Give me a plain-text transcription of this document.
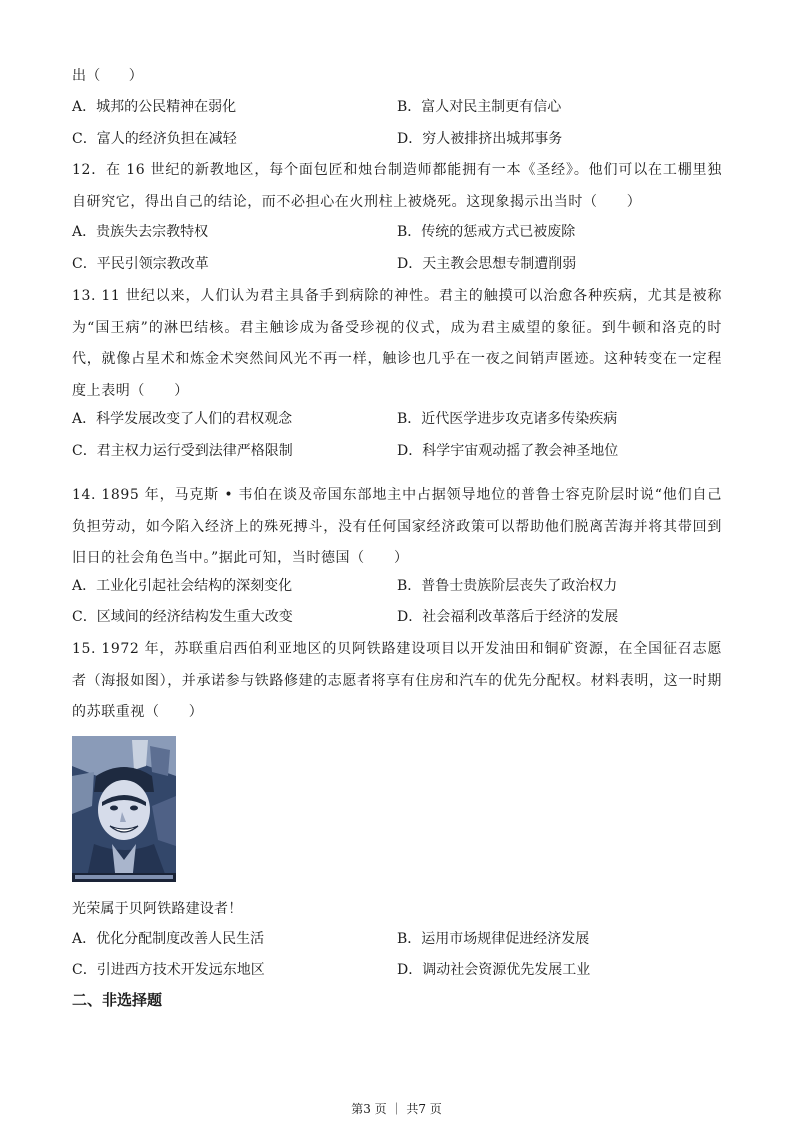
出（　　）
A．城邦的公民精神在弱化	B．富人对民主制更有信心
C．富人的经济负担在减轻	D．穷人被排挤出城邦事务
12．在 16 世纪的新教地区，每个面包匠和烛台制造师都能拥有一本《圣经》。他们可以在工棚里独自研究它，得出自己的结论，而不必担心在火刑柱上被烧死。这现象揭示出当时（　　）
A．贵族失去宗教特权	B．传统的惩戒方式已被废除
C．平民引领宗教改革	D．天主教会思想专制遭削弱
13. 11 世纪以来，人们认为君主具备手到病除的神性。君主的触摸可以治愈各种疾病，尤其是被称为“国王病”的淋巴结核。君主触诊成为备受珍视的仪式，成为君主威望的象征。到牛顿和洛克的时代，就像占星术和炼金术突然间风光不再一样，触诊也几乎在一夜之间销声匿迹。这种转变在一定程度上表明（　　）
A．科学发展改变了人们的君权观念	B．近代医学进步攻克诸多传染疾病
C．君主权力运行受到法律严格限制	D．科学宇宙观动摇了教会神圣地位
14. 1895 年，马克斯 • 韦伯在谈及帝国东部地主中占据领导地位的普鲁士容克阶层时说“他们自己负担劳动，如今陷入经济上的殊死搏斗，没有任何国家经济政策可以帮助他们脱离苦海并将其带回到旧日的社会角色当中。”据此可知，当时德国（　　）
A．工业化引起社会结构的深刻变化	B．普鲁士贵族阶层丧失了政治权力
C．区域间的经济结构发生重大改变	D．社会福利改革落后于经济的发展
15. 1972 年，苏联重启西伯利亚地区的贝阿铁路建设项目以开发油田和铜矿资源，在全国征召志愿者（海报如图），并承诺参与铁路修建的志愿者将享有住房和汽车的优先分配权。材料表明，这一时期的苏联重视（　　）
光荣属于贝阿铁路建设者！
A．优化分配制度改善人民生活	B．运用市场规律促进经济发展
C．引进西方技术开发远东地区	D．调动社会资源优先发展工业
二、非选择题
第3 页 ｜ 共7 页
